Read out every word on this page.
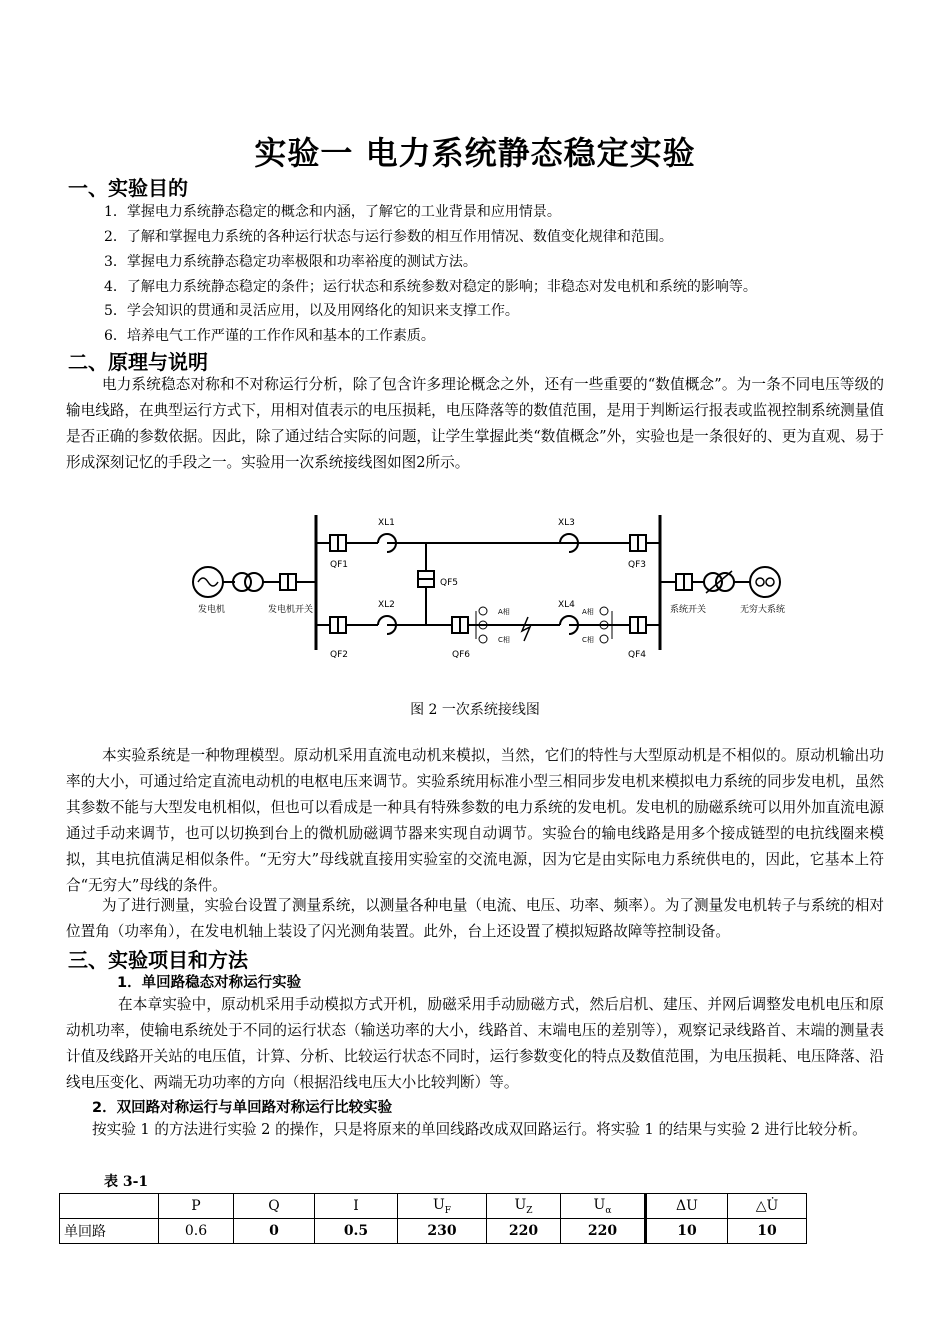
实验一 电力系统静态稳定实验
一、实验目的
1．掌握电力系统静态稳定的概念和内涵，了解它的工业背景和应用情景。
2．了解和掌握电力系统的各种运行状态与运行参数的相互作用情况、数值变化规律和范围。
3．掌握电力系统静态稳定功率极限和功率裕度的测试方法。
4．了解电力系统静态稳定的条件；运行状态和系统参数对稳定的影响；非稳态对发电机和系统的影响等。
5．学会知识的贯通和灵活应用，以及用网络化的知识来支撑工作。
6．培养电气工作严谨的工作作风和基本的工作素质。
二、原理与说明
电力系统稳态对称和不对称运行分析，除了包含许多理论概念之外，还有一些重要的“数值概念”。为一条不同电压等级的输电线路，在典型运行方式下，用相对值表示的电压损耗，电压降落等的数值范围，是用于判断运行报表或监视控制系统测量值是否正确的参数依据。因此，除了通过结合实际的问题，让学生掌握此类“数值概念”外，实验也是一条很好的、更为直观、易于形成深刻记忆的手段之一。实验用一次系统接线图如图2所示。
发电机	发电机开关
QF1
XL1
QF2
XL2
QF5
QF6
A相
C相
XL4
XL3
A相
C相
QF3
QF4
系统开关	无穷大系统
图 2 一次系统接线图
本实验系统是一种物理模型。原动机采用直流电动机来模拟，当然，它们的特性与大型原动机是不相似的。原动机输出功率的大小，可通过给定直流电动机的电枢电压来调节。实验系统用标准小型三相同步发电机来模拟电力系统的同步发电机，虽然其参数不能与大型发电机相似，但也可以看成是一种具有特殊参数的电力系统的发电机。发电机的励磁系统可以用外加直流电源通过手动来调节，也可以切换到台上的微机励磁调节器来实现自动调节。实验台的输电线路是用多个接成链型的电抗线圈来模拟，其电抗值满足相似条件。“无穷大”母线就直接用实验室的交流电源，因为它是由实际电力系统供电的，因此，它基本上符合“无穷大”母线的条件。
为了进行测量，实验台设置了测量系统，以测量各种电量（电流、电压、功率、频率）。为了测量发电机转子与系统的相对位置角（功率角），在发电机轴上装设了闪光测角装置。此外，台上还设置了模拟短路故障等控制设备。
三、实验项目和方法
1．单回路稳态对称运行实验
在本章实验中，原动机采用手动模拟方式开机，励磁采用手动励磁方式，然后启机、建压、并网后调整发电机电压和原动机功率，使输电系统处于不同的运行状态（输送功率的大小，线路首、末端电压的差别等），观察记录线路首、末端的测量表计值及线路开关站的电压值，计算、分析、比较运行状态不同时，运行参数变化的特点及数值范围，为电压损耗、电压降落、沿线电压变化、两端无功功率的方向（根据沿线电压大小比较判断）等。
2．双回路对称运行与单回路对称运行比较实验
按实验 1 的方法进行实验 2 的操作，只是将原来的单回线路改成双回路运行。将实验 1 的结果与实验 2 进行比较分析。
表 3-1
	P	Q	I	$U_F$	$U_Z$	$U_\alpha$	ΔU	△U̇
单回路	0.6	0	0.5	230	220	220	10	10
